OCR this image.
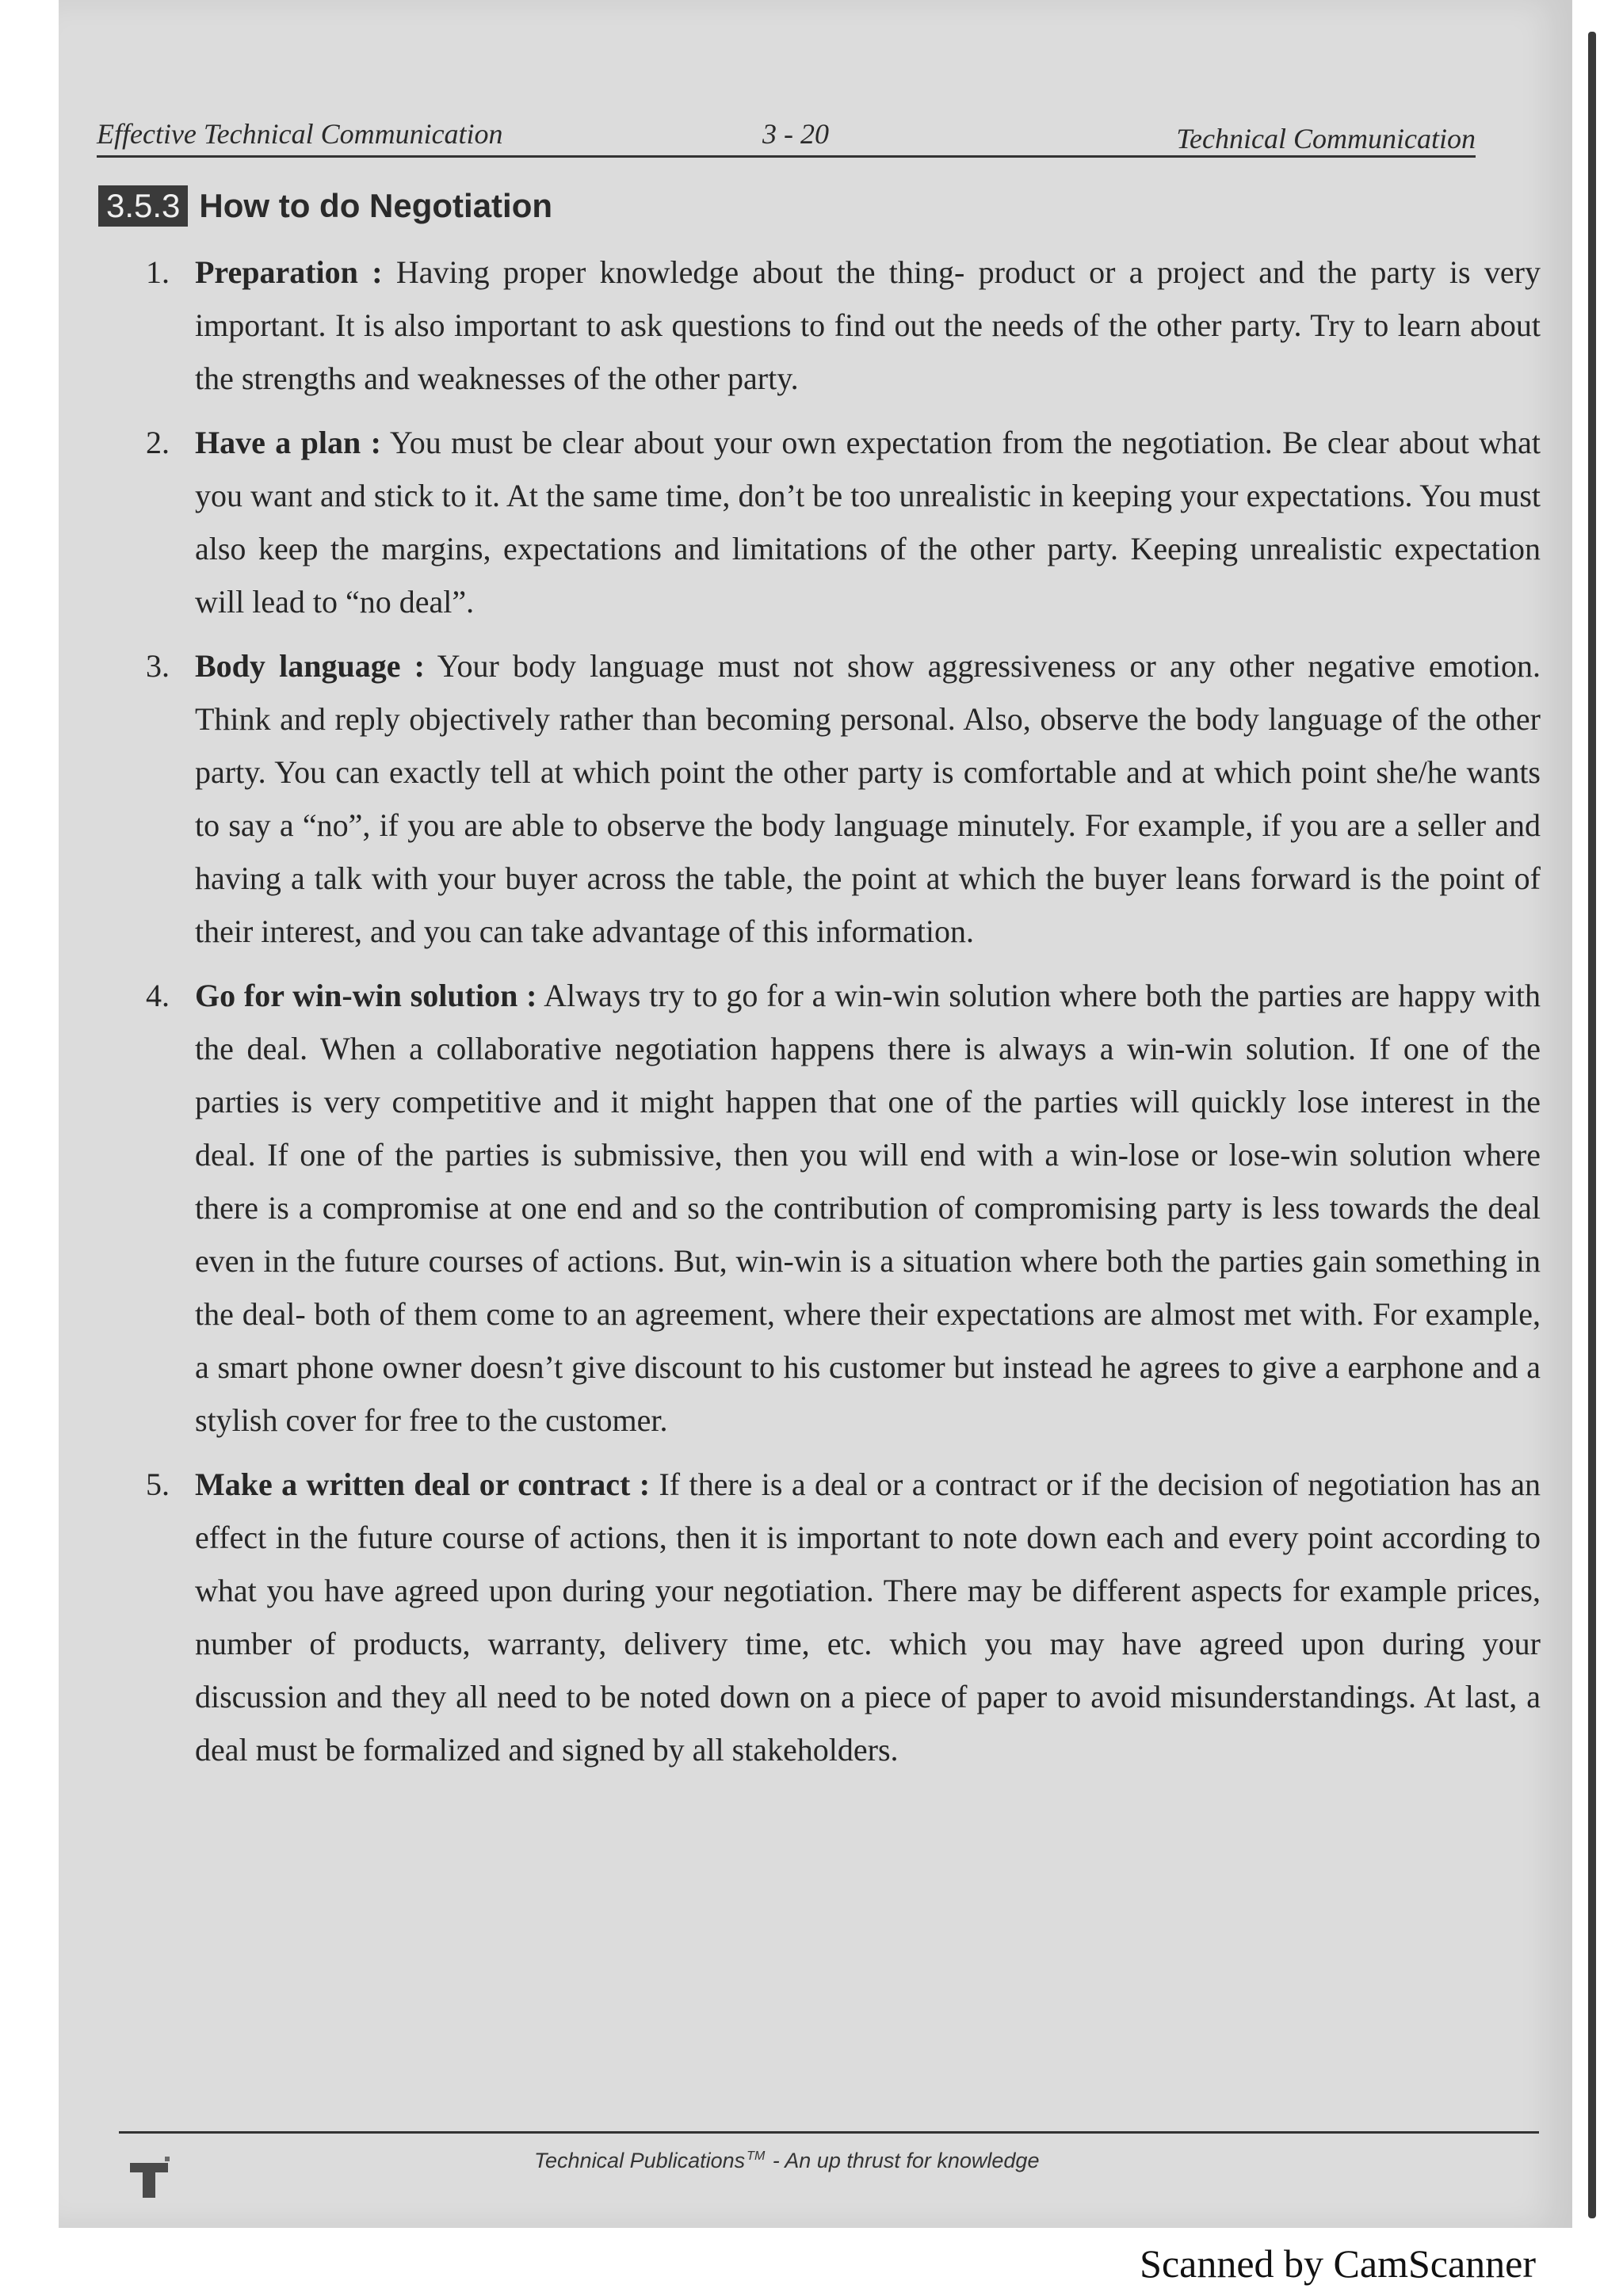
Effective Technical Communication	3 - 20	Technical Communication
3.5.3 How to do Negotiation
1. Preparation : Having proper knowledge about the thing- product or a project and the party is very important. It is also important to ask questions to find out the needs of the other party. Try to learn about the strengths and weaknesses of the other party.
2. Have a plan : You must be clear about your own expectation from the negotiation. Be clear about what you want and stick to it. At the same time, don’t be too unrealistic in keeping your expectations. You must also keep the margins, expectations and limitations of the other party. Keeping unrealistic expectation will lead to “no deal”.
3. Body language : Your body language must not show aggressiveness or any other negative emotion. Think and reply objectively rather than becoming personal. Also, observe the body language of the other party. You can exactly tell at which point the other party is comfortable and at which point she/he wants to say a “no”, if you are able to observe the body language minutely. For example, if you are a seller and having a talk with your buyer across the table, the point at which the buyer leans forward is the point of their interest, and you can take advantage of this information.
4. Go for win-win solution : Always try to go for a win-win solution where both the parties are happy with the deal. When a collaborative negotiation happens there is always a win-win solution. If one of the parties is very competitive and it might happen that one of the parties will quickly lose interest in the deal. If one of the parties is submissive, then you will end with a win-lose or lose-win solution where there is a compromise at one end and so the contribution of compromising party is less towards the deal even in the future courses of actions. But, win-win is a situation where both the parties gain something in the deal- both of them come to an agreement, where their expectations are almost met with. For example, a smart phone owner doesn’t give discount to his customer but instead he agrees to give a earphone and a stylish cover for free to the customer.
5. Make a written deal or contract : If there is a deal or a contract or if the decision of negotiation has an effect in the future course of actions, then it is important to note down each and every point according to what you have agreed upon during your negotiation. There may be different aspects for example prices, number of products, warranty, delivery time, etc. which you may have agreed upon during your discussion and they all need to be noted down on a piece of paper to avoid misunderstandings. At last, a deal must be formalized and signed by all stakeholders.
Technical Publications ™ - An up thrust for knowledge
Scanned by CamScanner
